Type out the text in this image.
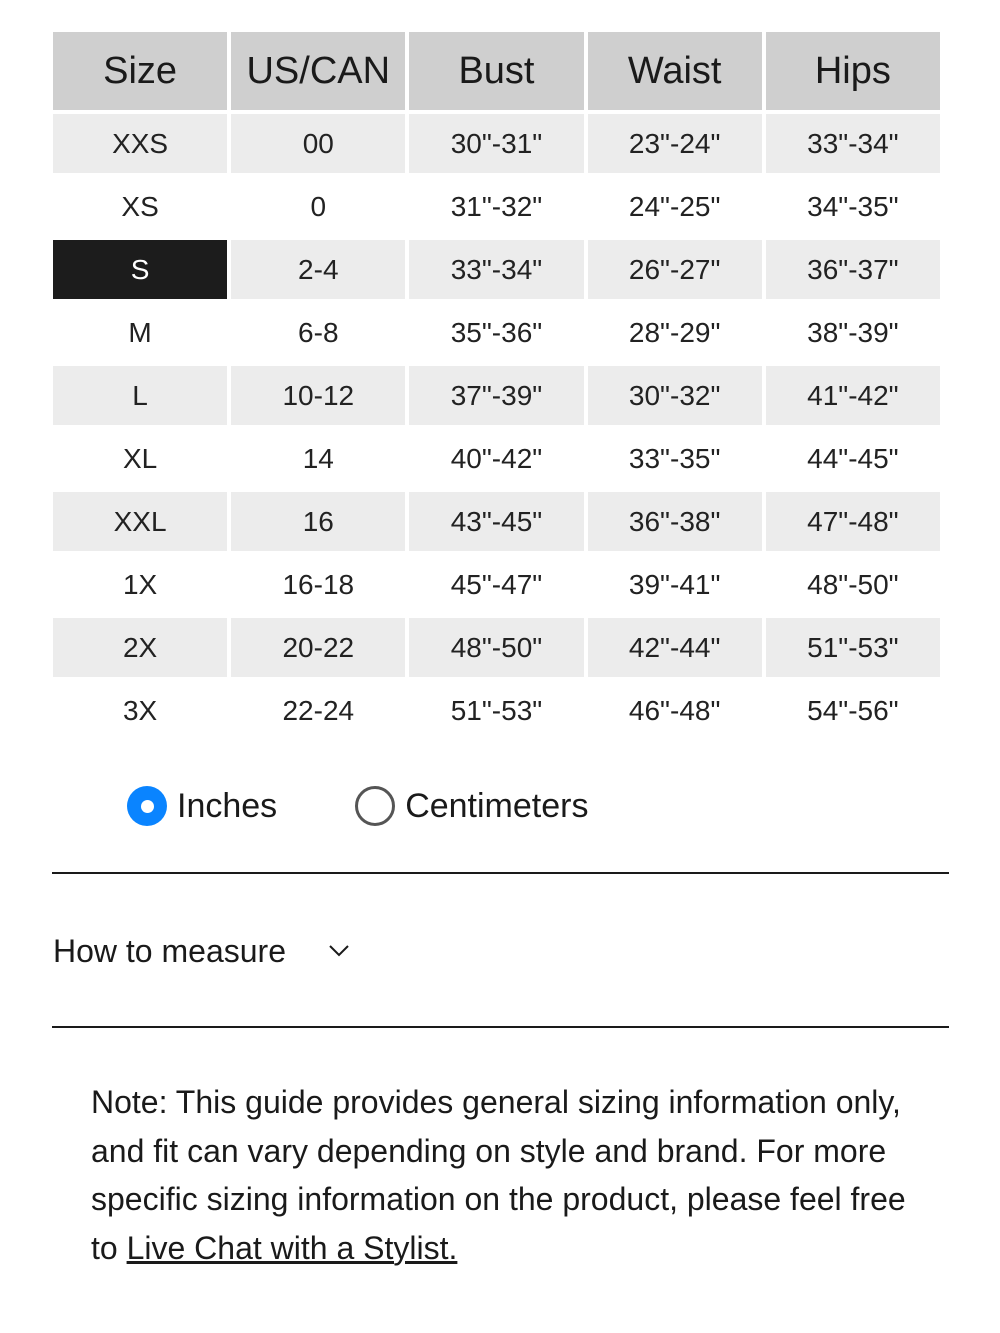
Size	US/CAN	Bust	Waist	Hips
XXS	00	30"-31"	23"-24"	33"-34"
XS	0	31"-32"	24"-25"	34"-35"
S	2-4	33"-34"	26"-27"	36"-37"
M	6-8	35"-36"	28"-29"	38"-39"
L	10-12	37"-39"	30"-32"	41"-42"
XL	14	40"-42"	33"-35"	44"-45"
XXL	16	43"-45"	36"-38"	47"-48"
1X	16-18	45"-47"	39"-41"	48"-50"
2X	20-22	48"-50"	42"-44"	51"-53"
3X	22-24	51"-53"	46"-48"	54"-56"
Inches	Centimeters
How to measure

Note: This guide provides general sizing information only, and fit can vary depending on style and brand. For more specific sizing information on the product, please feel free to Live Chat with a Stylist.
